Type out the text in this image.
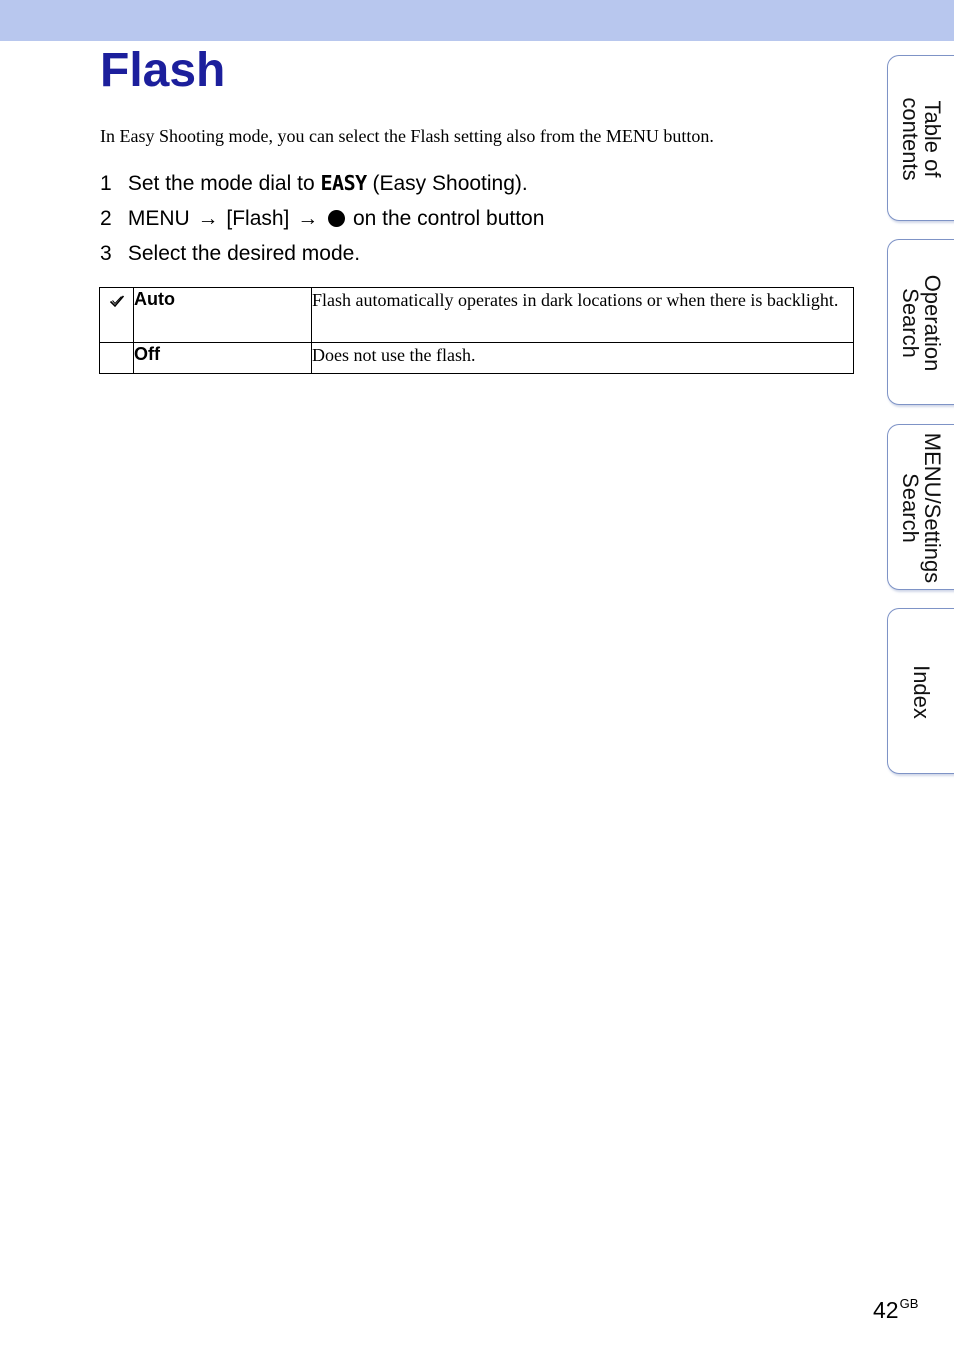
Flash

In Easy Shooting mode, you can select the Flash setting also from the MENU button.

1 Set the mode dial to EASY (Easy Shooting).
2 MENU → [Flash] → on the control button
3 Select the desired mode.
	Auto	Flash automatically operates in dark locations or when there is backlight.
	Off	Does not use the flash.
Table of
contents
Operation
Search
MENU/Settings
Search
Index
$42^{GB}$
